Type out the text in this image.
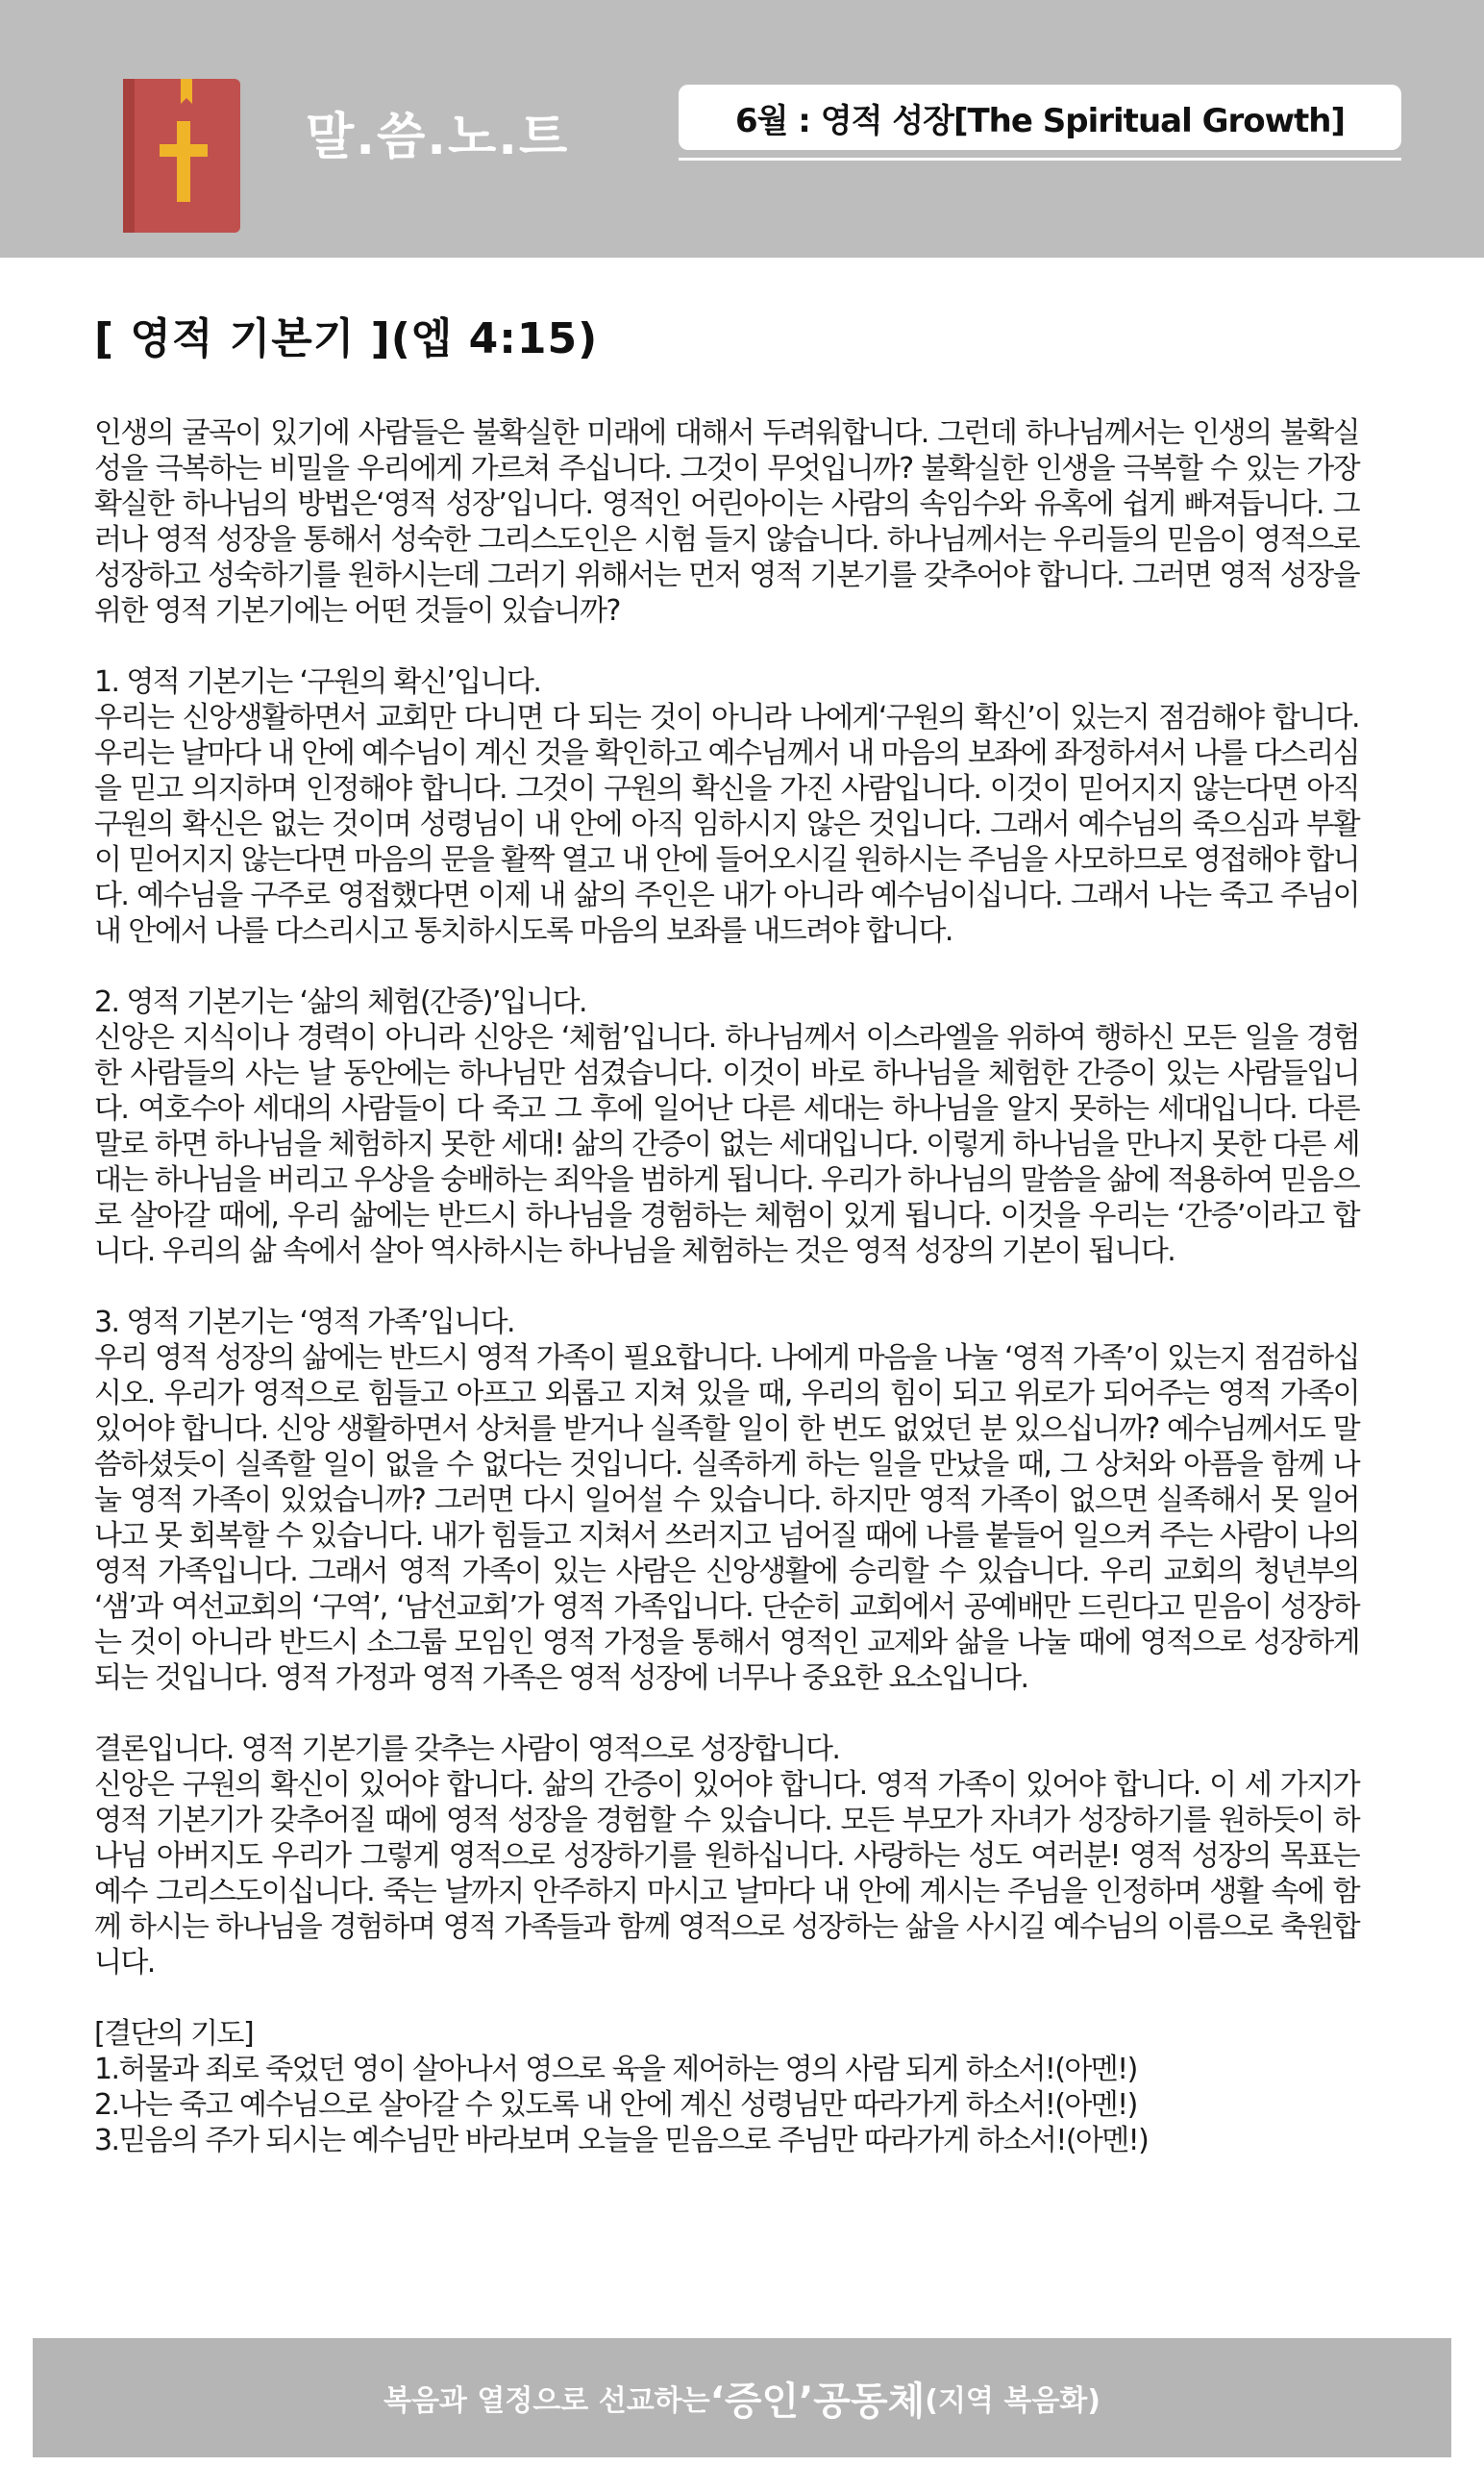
말.씀.노.트	6월 : 영적 성장[The Spiritual Growth]
[ 영적 기본기 ](엡 4:15)

인생의 굴곡이 있기에 사람들은 불확실한 미래에 대해서 두려워합니다. 그런데 하나님께서는 인생의 불확실성을 극복하는 비밀을 우리에게 가르쳐 주십니다. 그것이 무엇입니까? 불확실한 인생을 극복할 수 있는 가장 확실한 하나님의 방법은‘영적 성장’입니다. 영적인 어린아이는 사람의 속임수와 유혹에 쉽게 빠져듭니다. 그러나 영적 성장을 통해서 성숙한 그리스도인은 시험 들지 않습니다. 하나님께서는 우리들의 믿음이 영적으로 성장하고 성숙하기를 원하시는데 그러기 위해서는 먼저 영적 기본기를 갖추어야 합니다. 그러면 영적 성장을 위한 영적 기본기에는 어떤 것들이 있습니까?

1. 영적 기본기는 ‘구원의 확신’입니다.

우리는 신앙생활하면서 교회만 다니면 다 되는 것이 아니라 나에게‘구원의 확신’이 있는지 점검해야 합니다. 우리는 날마다 내 안에 예수님이 계신 것을 확인하고 예수님께서 내 마음의 보좌에 좌정하셔서 나를 다스리심을 믿고 의지하며 인정해야 합니다. 그것이 구원의 확신을 가진 사람입니다. 이것이 믿어지지 않는다면 아직 구원의 확신은 없는 것이며 성령님이 내 안에 아직 임하시지 않은 것입니다. 그래서 예수님의 죽으심과 부활이 믿어지지 않는다면 마음의 문을 활짝 열고 내 안에 들어오시길 원하시는 주님을 사모하므로 영접해야 합니다. 예수님을 구주로 영접했다면 이제 내 삶의 주인은 내가 아니라 예수님이십니다. 그래서 나는 죽고 주님이 내 안에서 나를 다스리시고 통치하시도록 마음의 보좌를 내드려야 합니다.

2. 영적 기본기는 ‘삶의 체험(간증)’입니다.

신앙은 지식이나 경력이 아니라 신앙은 ‘체험’입니다. 하나님께서 이스라엘을 위하여 행하신 모든 일을 경험한 사람들의 사는 날 동안에는 하나님만 섬겼습니다. 이것이 바로 하나님을 체험한 간증이 있는 사람들입니다. 여호수아 세대의 사람들이 다 죽고 그 후에 일어난 다른 세대는 하나님을 알지 못하는 세대입니다. 다른 말로 하면 하나님을 체험하지 못한 세대! 삶의 간증이 없는 세대입니다. 이렇게 하나님을 만나지 못한 다른 세대는 하나님을 버리고 우상을 숭배하는 죄악을 범하게 됩니다. 우리가 하나님의 말씀을 삶에 적용하여 믿음으로 살아갈 때에, 우리 삶에는 반드시 하나님을 경험하는 체험이 있게 됩니다. 이것을 우리는 ‘간증’이라고 합니다. 우리의 삶 속에서 살아 역사하시는 하나님을 체험하는 것은 영적 성장의 기본이 됩니다.

3. 영적 기본기는 ‘영적 가족’입니다.

우리 영적 성장의 삶에는 반드시 영적 가족이 필요합니다. 나에게 마음을 나눌 ‘영적 가족’이 있는지 점검하십시오. 우리가 영적으로 힘들고 아프고 외롭고 지쳐 있을 때, 우리의 힘이 되고 위로가 되어주는 영적 가족이 있어야 합니다. 신앙 생활하면서 상처를 받거나 실족할 일이 한 번도 없었던 분 있으십니까? 예수님께서도 말씀하셨듯이 실족할 일이 없을 수 없다는 것입니다. 실족하게 하는 일을 만났을 때, 그 상처와 아픔을 함께 나눌 영적 가족이 있었습니까? 그러면 다시 일어설 수 있습니다. 하지만 영적 가족이 없으면 실족해서 못 일어나고 못 회복할 수 있습니다. 내가 힘들고 지쳐서 쓰러지고 넘어질 때에 나를 붙들어 일으켜 주는 사람이 나의 영적 가족입니다. 그래서 영적 가족이 있는 사람은 신앙생활에 승리할 수 있습니다. 우리 교회의 청년부의 ‘샘’과 여선교회의 ‘구역’, ‘남선교회’가 영적 가족입니다. 단순히 교회에서 공예배만 드린다고 믿음이 성장하는 것이 아니라 반드시 소그룹 모임인 영적 가정을 통해서 영적인 교제와 삶을 나눌 때에 영적으로 성장하게 되는 것입니다. 영적 가정과 영적 가족은 영적 성장에 너무나 중요한 요소입니다.

결론입니다. 영적 기본기를 갖추는 사람이 영적으로 성장합니다.

신앙은 구원의 확신이 있어야 합니다. 삶의 간증이 있어야 합니다. 영적 가족이 있어야 합니다. 이 세 가지가 영적 기본기가 갖추어질 때에 영적 성장을 경험할 수 있습니다. 모든 부모가 자녀가 성장하기를 원하듯이 하나님 아버지도 우리가 그렇게 영적으로 성장하기를 원하십니다. 사랑하는 성도 여러분! 영적 성장의 목표는 예수 그리스도이십니다. 죽는 날까지 안주하지 마시고 날마다 내 안에 계시는 주님을 인정하며 생활 속에 함께 하시는 하나님을 경험하며 영적 가족들과 함께 영적으로 성장하는 삶을 사시길 예수님의 이름으로 축원합니다.

[결단의 기도]

1.허물과 죄로 죽었던 영이 살아나서 영으로 육을 제어하는 영의 사람 되게 하소서!(아멘!)

2.나는 죽고 예수님으로 살아갈 수 있도록 내 안에 계신 성령님만 따라가게 하소서!(아멘!)

3.믿음의 주가 되시는 예수님만 바라보며 오늘을 믿음으로 주님만 따라가게 하소서!(아멘!)

복음과 열정으로 선교하는 ‘증인’공동체 (지역 복음화)
